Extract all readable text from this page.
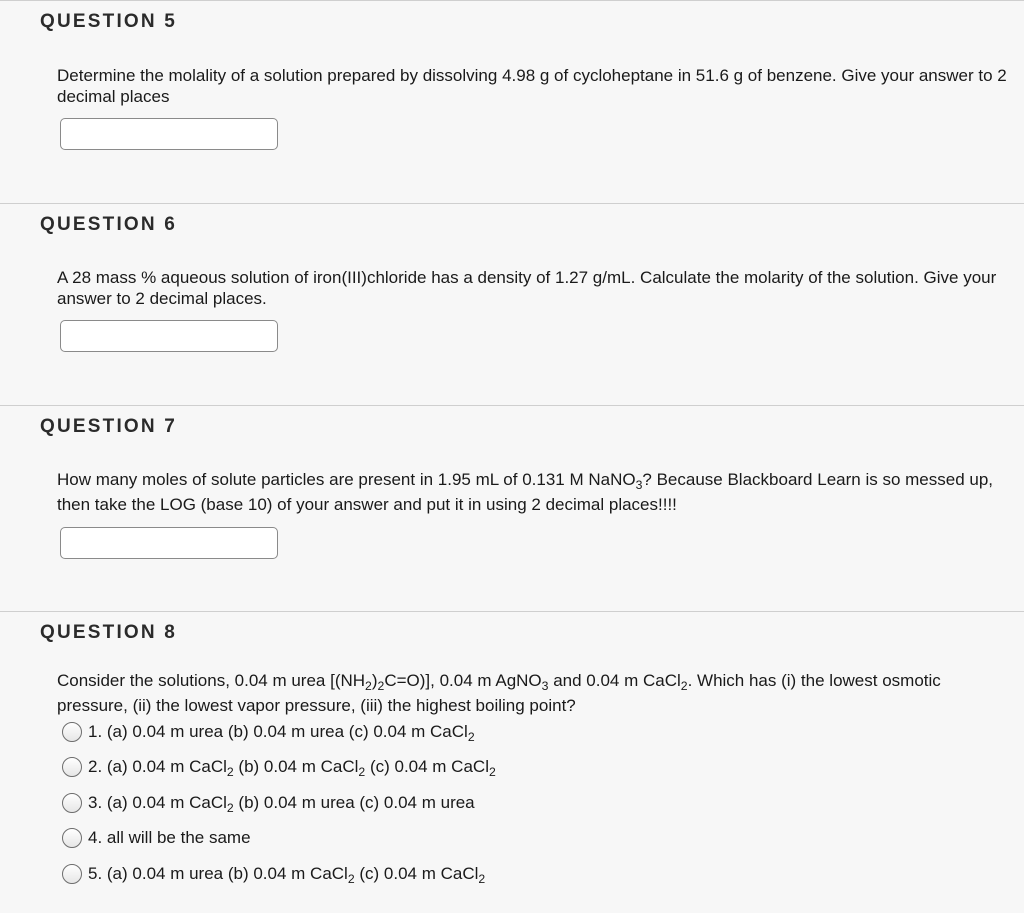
QUESTION 5
Determine the molality of a solution prepared by dissolving 4.98 g of cycloheptane in 51.6 g of benzene. Give your answer to 2 decimal places
QUESTION 6
A 28 mass % aqueous solution of iron(III)chloride has a density of 1.27 g/mL. Calculate the molarity of the solution. Give your answer to 2 decimal places.
QUESTION 7
How many moles of solute particles are present in 1.95 mL of 0.131 M NaNO$_3$? Because Blackboard Learn is so messed up, then take the LOG (base 10) of your answer and put it in using 2 decimal places!!!!
QUESTION 8
Consider the solutions, 0.04 m urea $[(NH_2)_2C=O)$], 0.04 m AgNO$_3$ and 0.04 m CaCl$_2$. Which has (i) the lowest osmotic pressure, (ii) the lowest vapor pressure, (iii) the highest boiling point?
1. (a) 0.04 m urea (b) 0.04 m urea (c) 0.04 m CaCl$_2$
2. (a) 0.04 m CaCl$_2$ (b) 0.04 m CaCl$_2$ (c) 0.04 m CaCl$_2$
3. (a) 0.04 m CaCl$_2$ (b) 0.04 m urea (c) 0.04 m urea
4. all will be the same
5. (a) 0.04 m urea (b) 0.04 m CaCl$_2$ (c) 0.04 m CaCl$_2$
